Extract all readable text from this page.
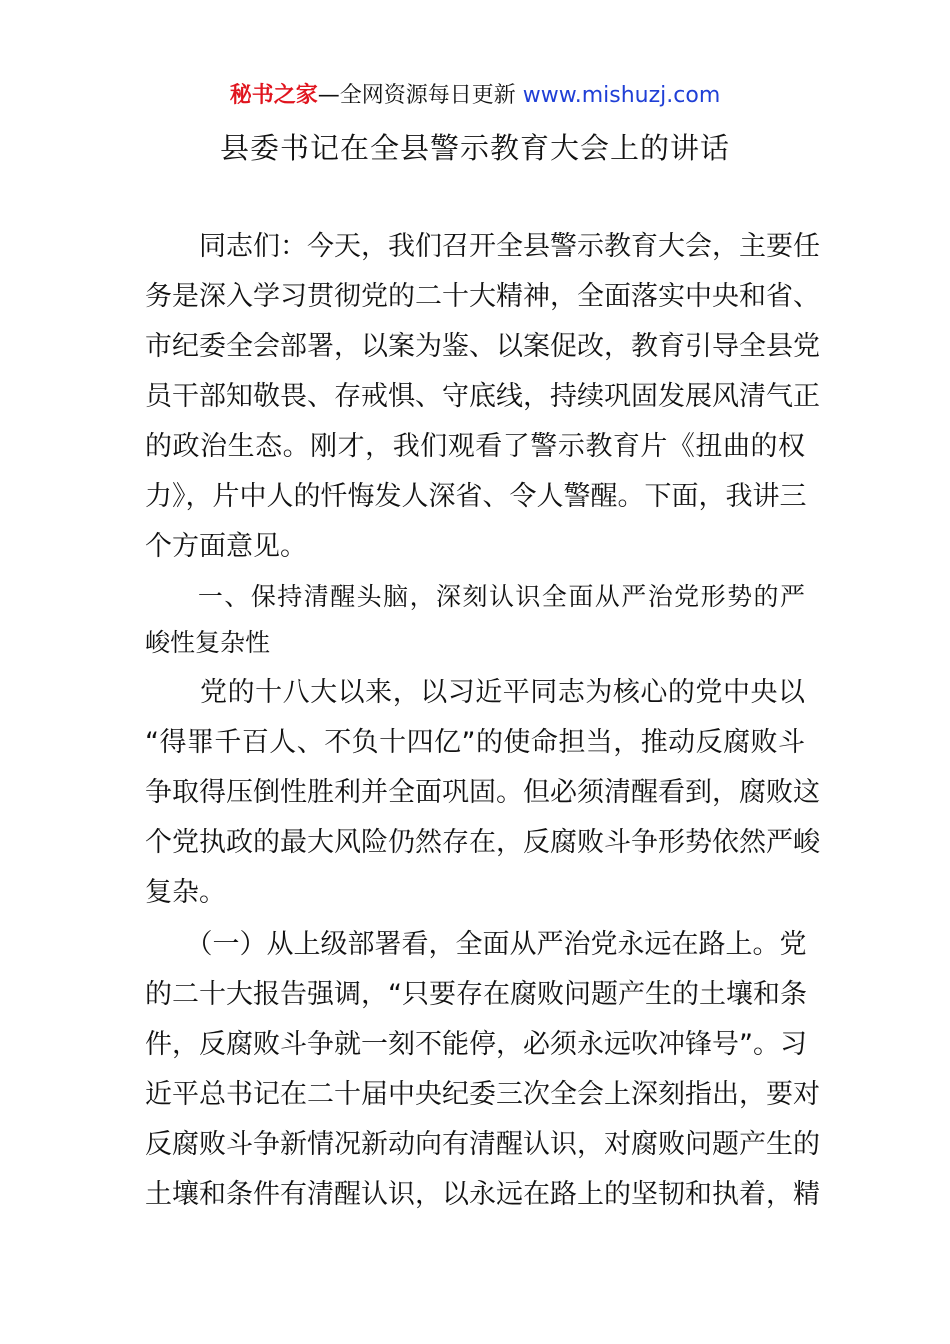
秘书之家—全网资源每日更新 www.mishuzj.com
县委书记在全县警示教育大会上的讲话
　　同志们：今天，我们召开全县警示教育大会，主要任
务是深入学习贯彻党的二十大精神，全面落实中央和省、
市纪委全会部署，以案为鉴、以案促改，教育引导全县党
员干部知敬畏、存戒惧、守底线，持续巩固发展风清气正
的政治生态。刚才，我们观看了警示教育片《扭曲的权
力》，片中人的忏悔发人深省、令人警醒。下面，我讲三
个方面意见。
　　一、保持清醒头脑，深刻认识全面从严治党形势的严
峻性复杂性
　　党的十八大以来，以习近平同志为核心的党中央以
“得罪千百人、不负十四亿”的使命担当，推动反腐败斗
争取得压倒性胜利并全面巩固。但必须清醒看到，腐败这
个党执政的最大风险仍然存在，反腐败斗争形势依然严峻
复杂。
　　（一）从上级部署看，全面从严治党永远在路上。党
的二十大报告强调，“只要存在腐败问题产生的土壤和条
件，反腐败斗争就一刻不能停，必须永远吹冲锋号”。习
近平总书记在二十届中央纪委三次全会上深刻指出，要对
反腐败斗争新情况新动向有清醒认识，对腐败问题产生的
土壤和条件有清醒认识，以永远在路上的坚韧和执着，精
